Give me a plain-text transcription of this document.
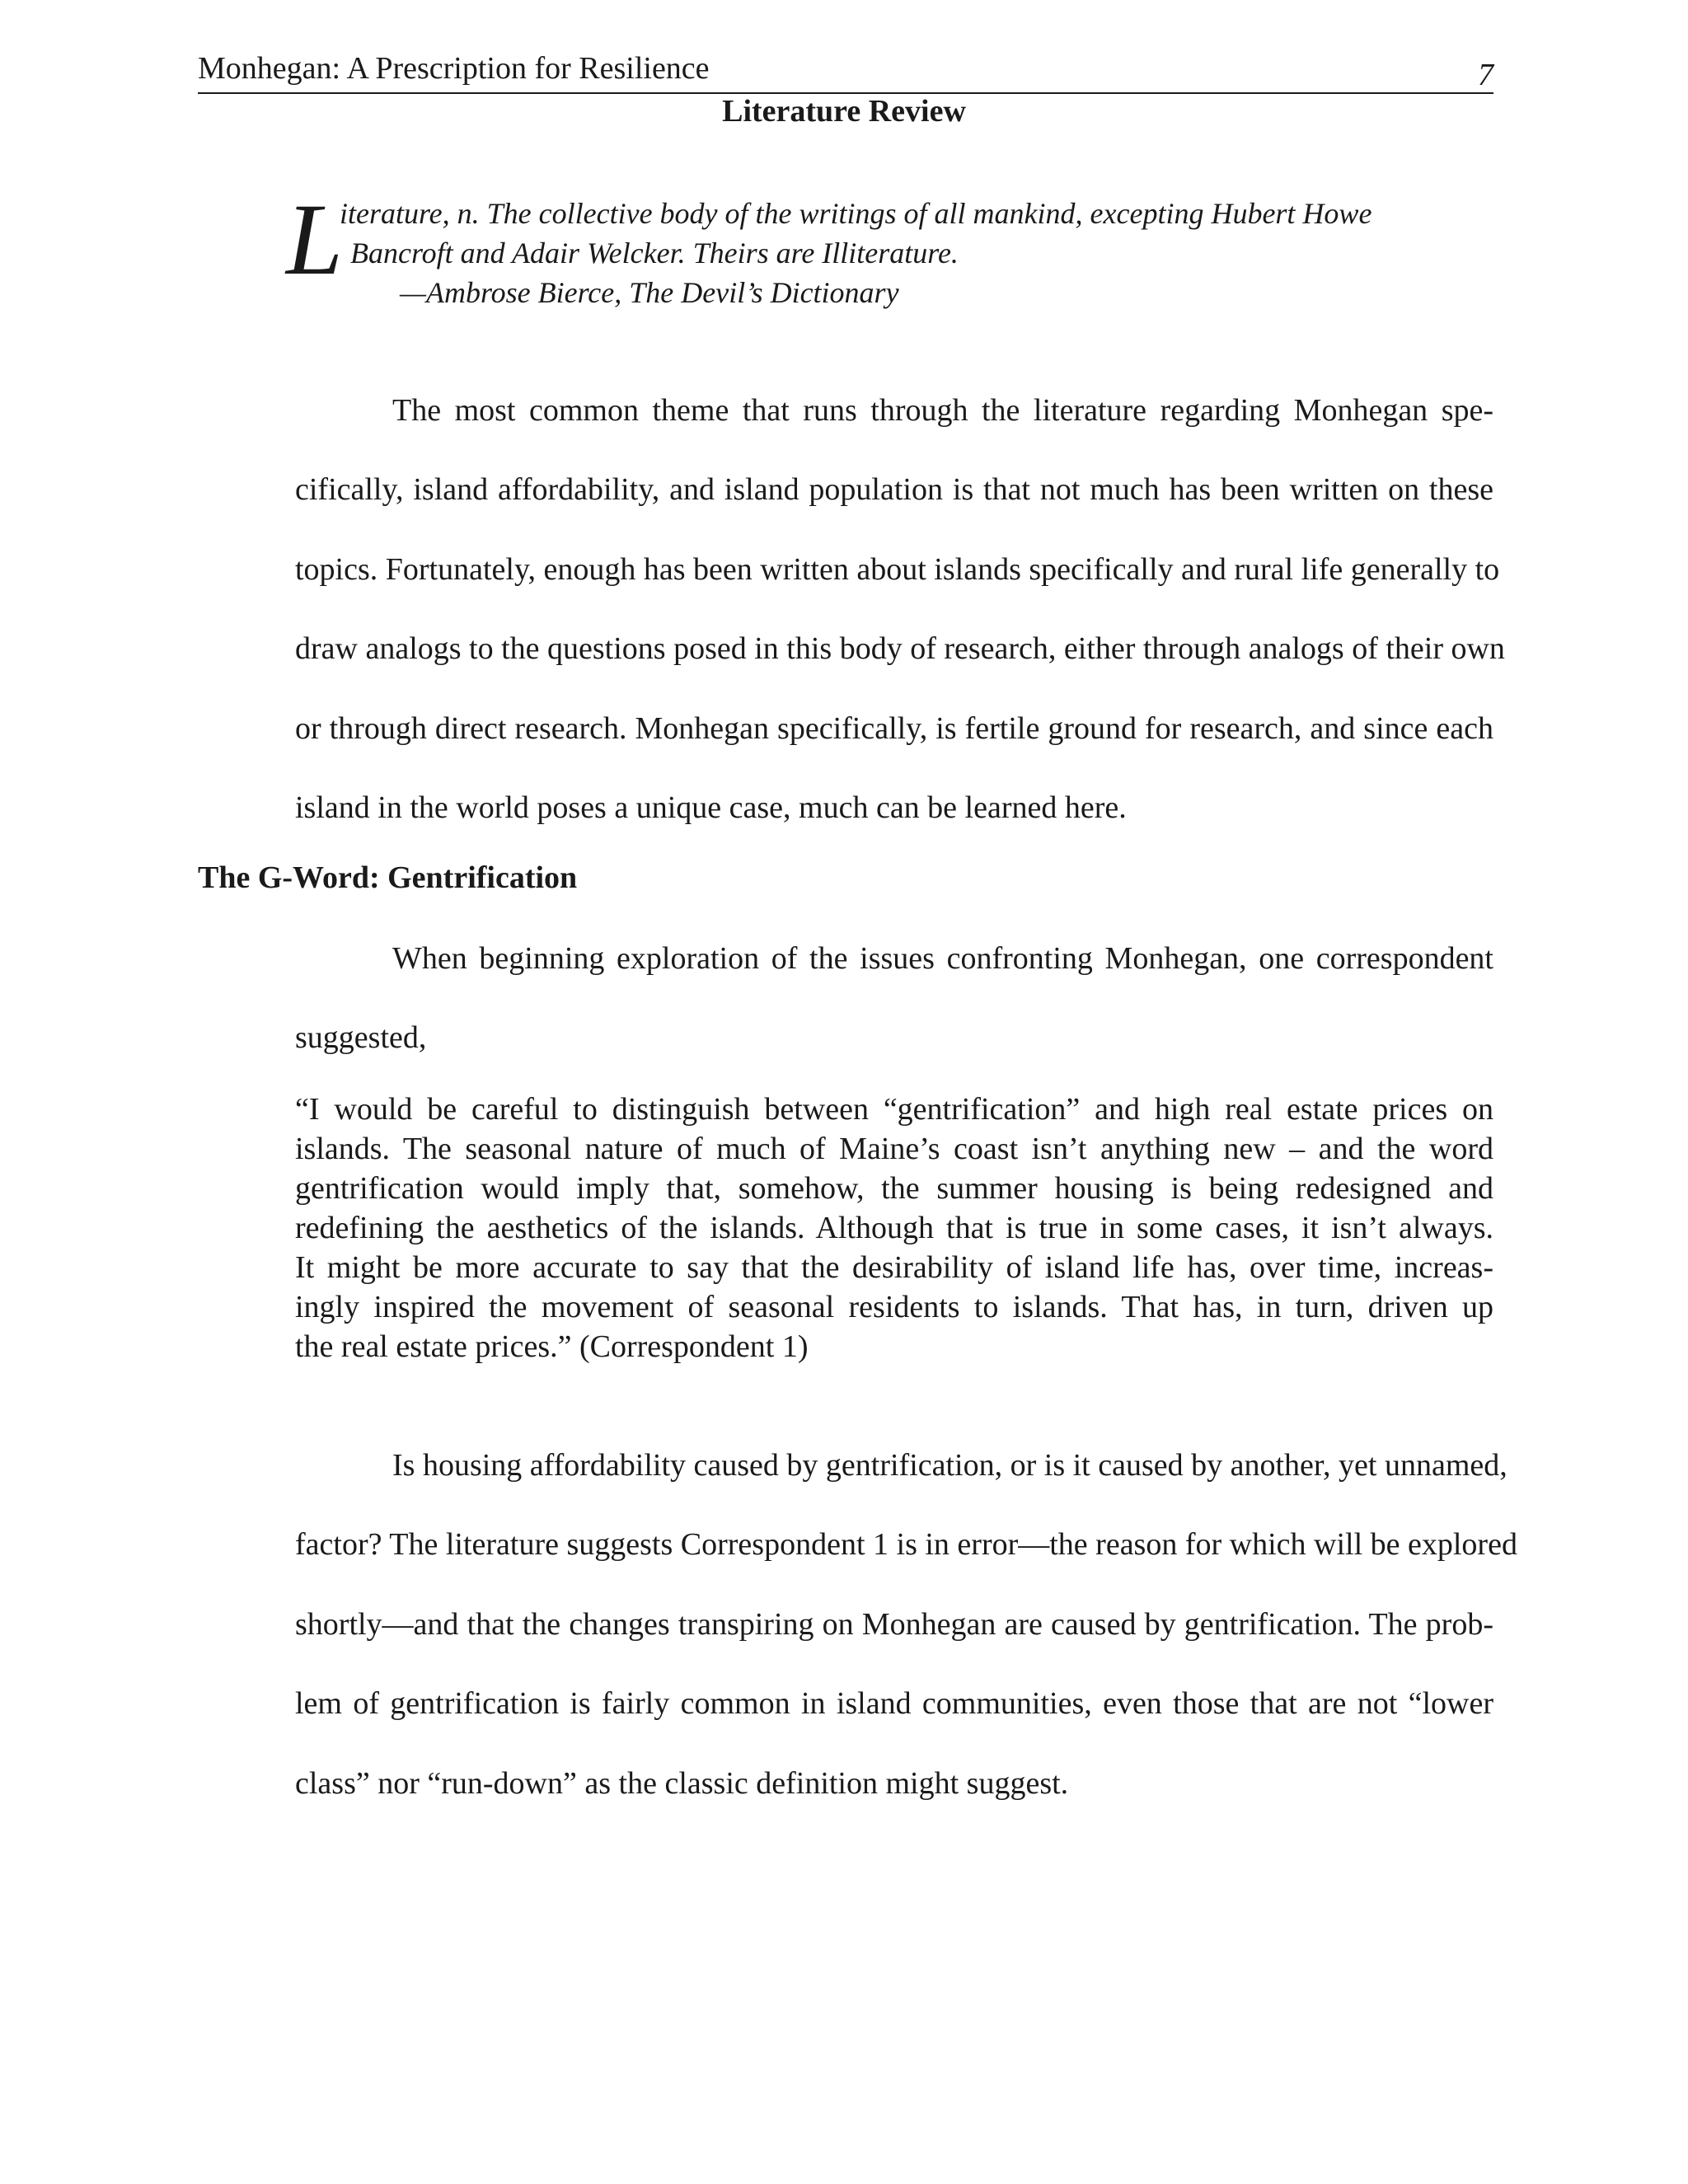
Monhegan: A Prescription for Resilience	7
Literature Review
L
iterature, n. The collective body of the writings of all mankind, excepting Hubert Howe
Bancroft and Adair Welcker. Theirs are Illiterature.
—Ambrose Bierce, The Devil’s Dictionary
The most common theme that runs through the literature regarding Monhegan spe-
cifically, island affordability, and island population is that not much has been written on these
topics. Fortunately, enough has been written about islands specifically and rural life generally to
draw analogs to the questions posed in this body of research, either through analogs of their own
or through direct research. Monhegan specifically, is fertile ground for research, and since each
island in the world poses a unique case, much can be learned here.
The G-Word: Gentrification
When beginning exploration of the issues confronting Monhegan, one correspondent
suggested,
“I would be careful to distinguish between “gentrification” and high real estate prices on
islands. The seasonal nature of much of Maine’s coast isn’t anything new – and the word
gentrification would imply that, somehow, the summer housing is being redesigned and
redefining the aesthetics of the islands. Although that is true in some cases, it isn’t always.
It might be more accurate to say that the desirability of island life has, over time, increas-
ingly inspired the movement of seasonal residents to islands. That has, in turn, driven up
the real estate prices.” (Correspondent 1)
Is housing affordability caused by gentrification, or is it caused by another, yet unnamed,
factor? The literature suggests Correspondent 1 is in error—the reason for which will be explored
shortly—and that the changes transpiring on Monhegan are caused by gentrification. The prob-
lem of gentrification is fairly common in island communities, even those that are not “lower
class” nor “run-down” as the classic definition might suggest.
